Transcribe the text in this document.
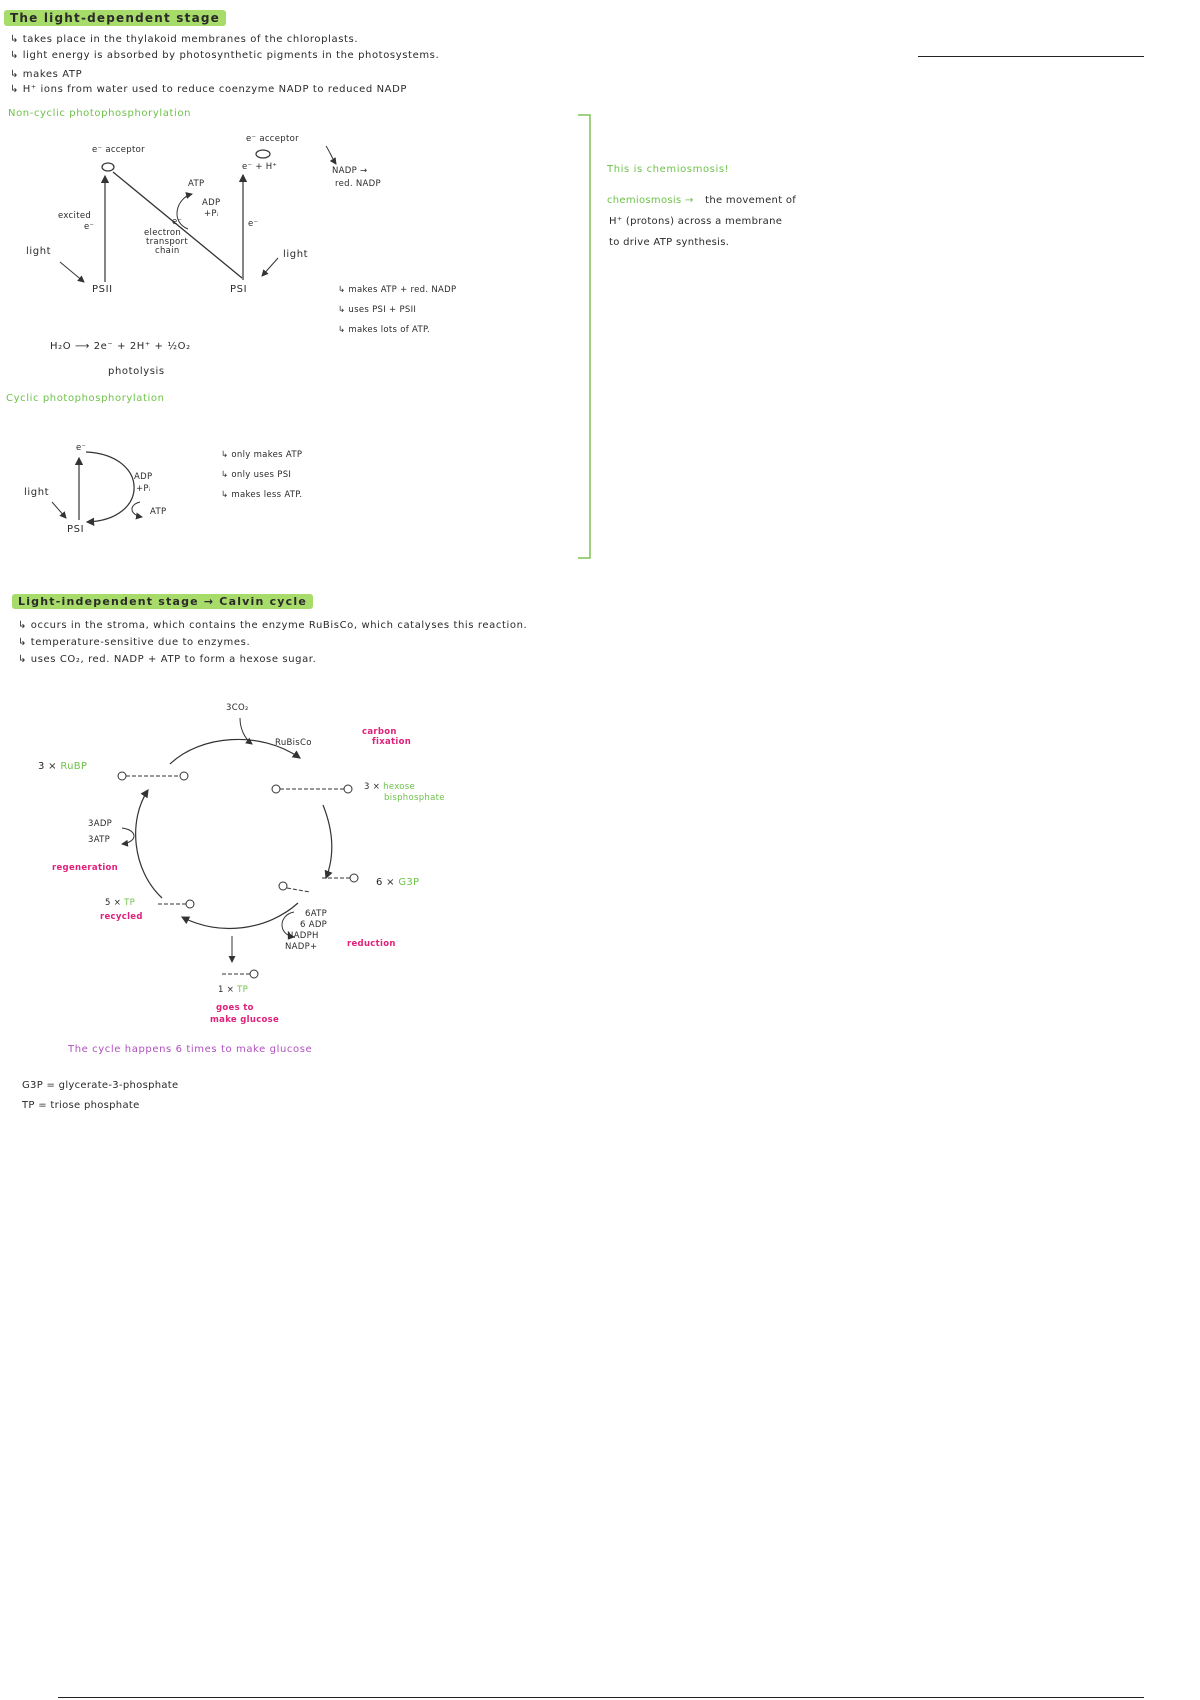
The light-dependent stage
↳ takes place in the thylakoid membranes of the chloroplasts.
↳ light energy is absorbed by photosynthetic pigments in the photosystems.
↳ makes ATP
↳ H⁺ ions from water used to reduce coenzyme NADP to reduced NADP
Non-cyclic photophosphorylation
e⁻ acceptor
e⁻ acceptor
e⁻ + H⁺	NADP →
red. NADP
ATP
ADP
+Pᵢ
excited
e⁻	e⁻	e⁻
electron
transport
chain
light	light
PSII	PSI	↳ makes ATP + red. NADP
↳ uses PSI + PSII
↳ makes lots of ATP.
H₂O ⟶ 2e⁻ + 2H⁺ + ½O₂
photolysis
This is chemiosmosis!
chemiosmosis → the movement of
H⁺ (protons) across a membrane
to drive ATP synthesis.
Cyclic photophosphorylation
e⁻
ADP
+Pᵢ
ATP
light
PSI
↳ only makes ATP
↳ only uses PSI
↳ makes less ATP.
Light-independent stage → Calvin cycle
↳ occurs in the stroma, which contains the enzyme RuBisCo, which catalyses this reaction.
↳ temperature-sensitive due to enzymes.
↳ uses CO₂, red. NADP + ATP to form a hexose sugar.
3CO₂
RuBisCo
carbon
fixation
3 × RuBP
3 × hexose
bisphosphate
3ADP
3ATP
regeneration
6 × G3P
5 × TP
recycled	6ATP
6 ADP
NADPH
NADP+	reduction
1 × TP
goes to
make glucose
The cycle happens 6 times to make glucose
G3P = glycerate-3-phosphate
TP = triose phosphate
